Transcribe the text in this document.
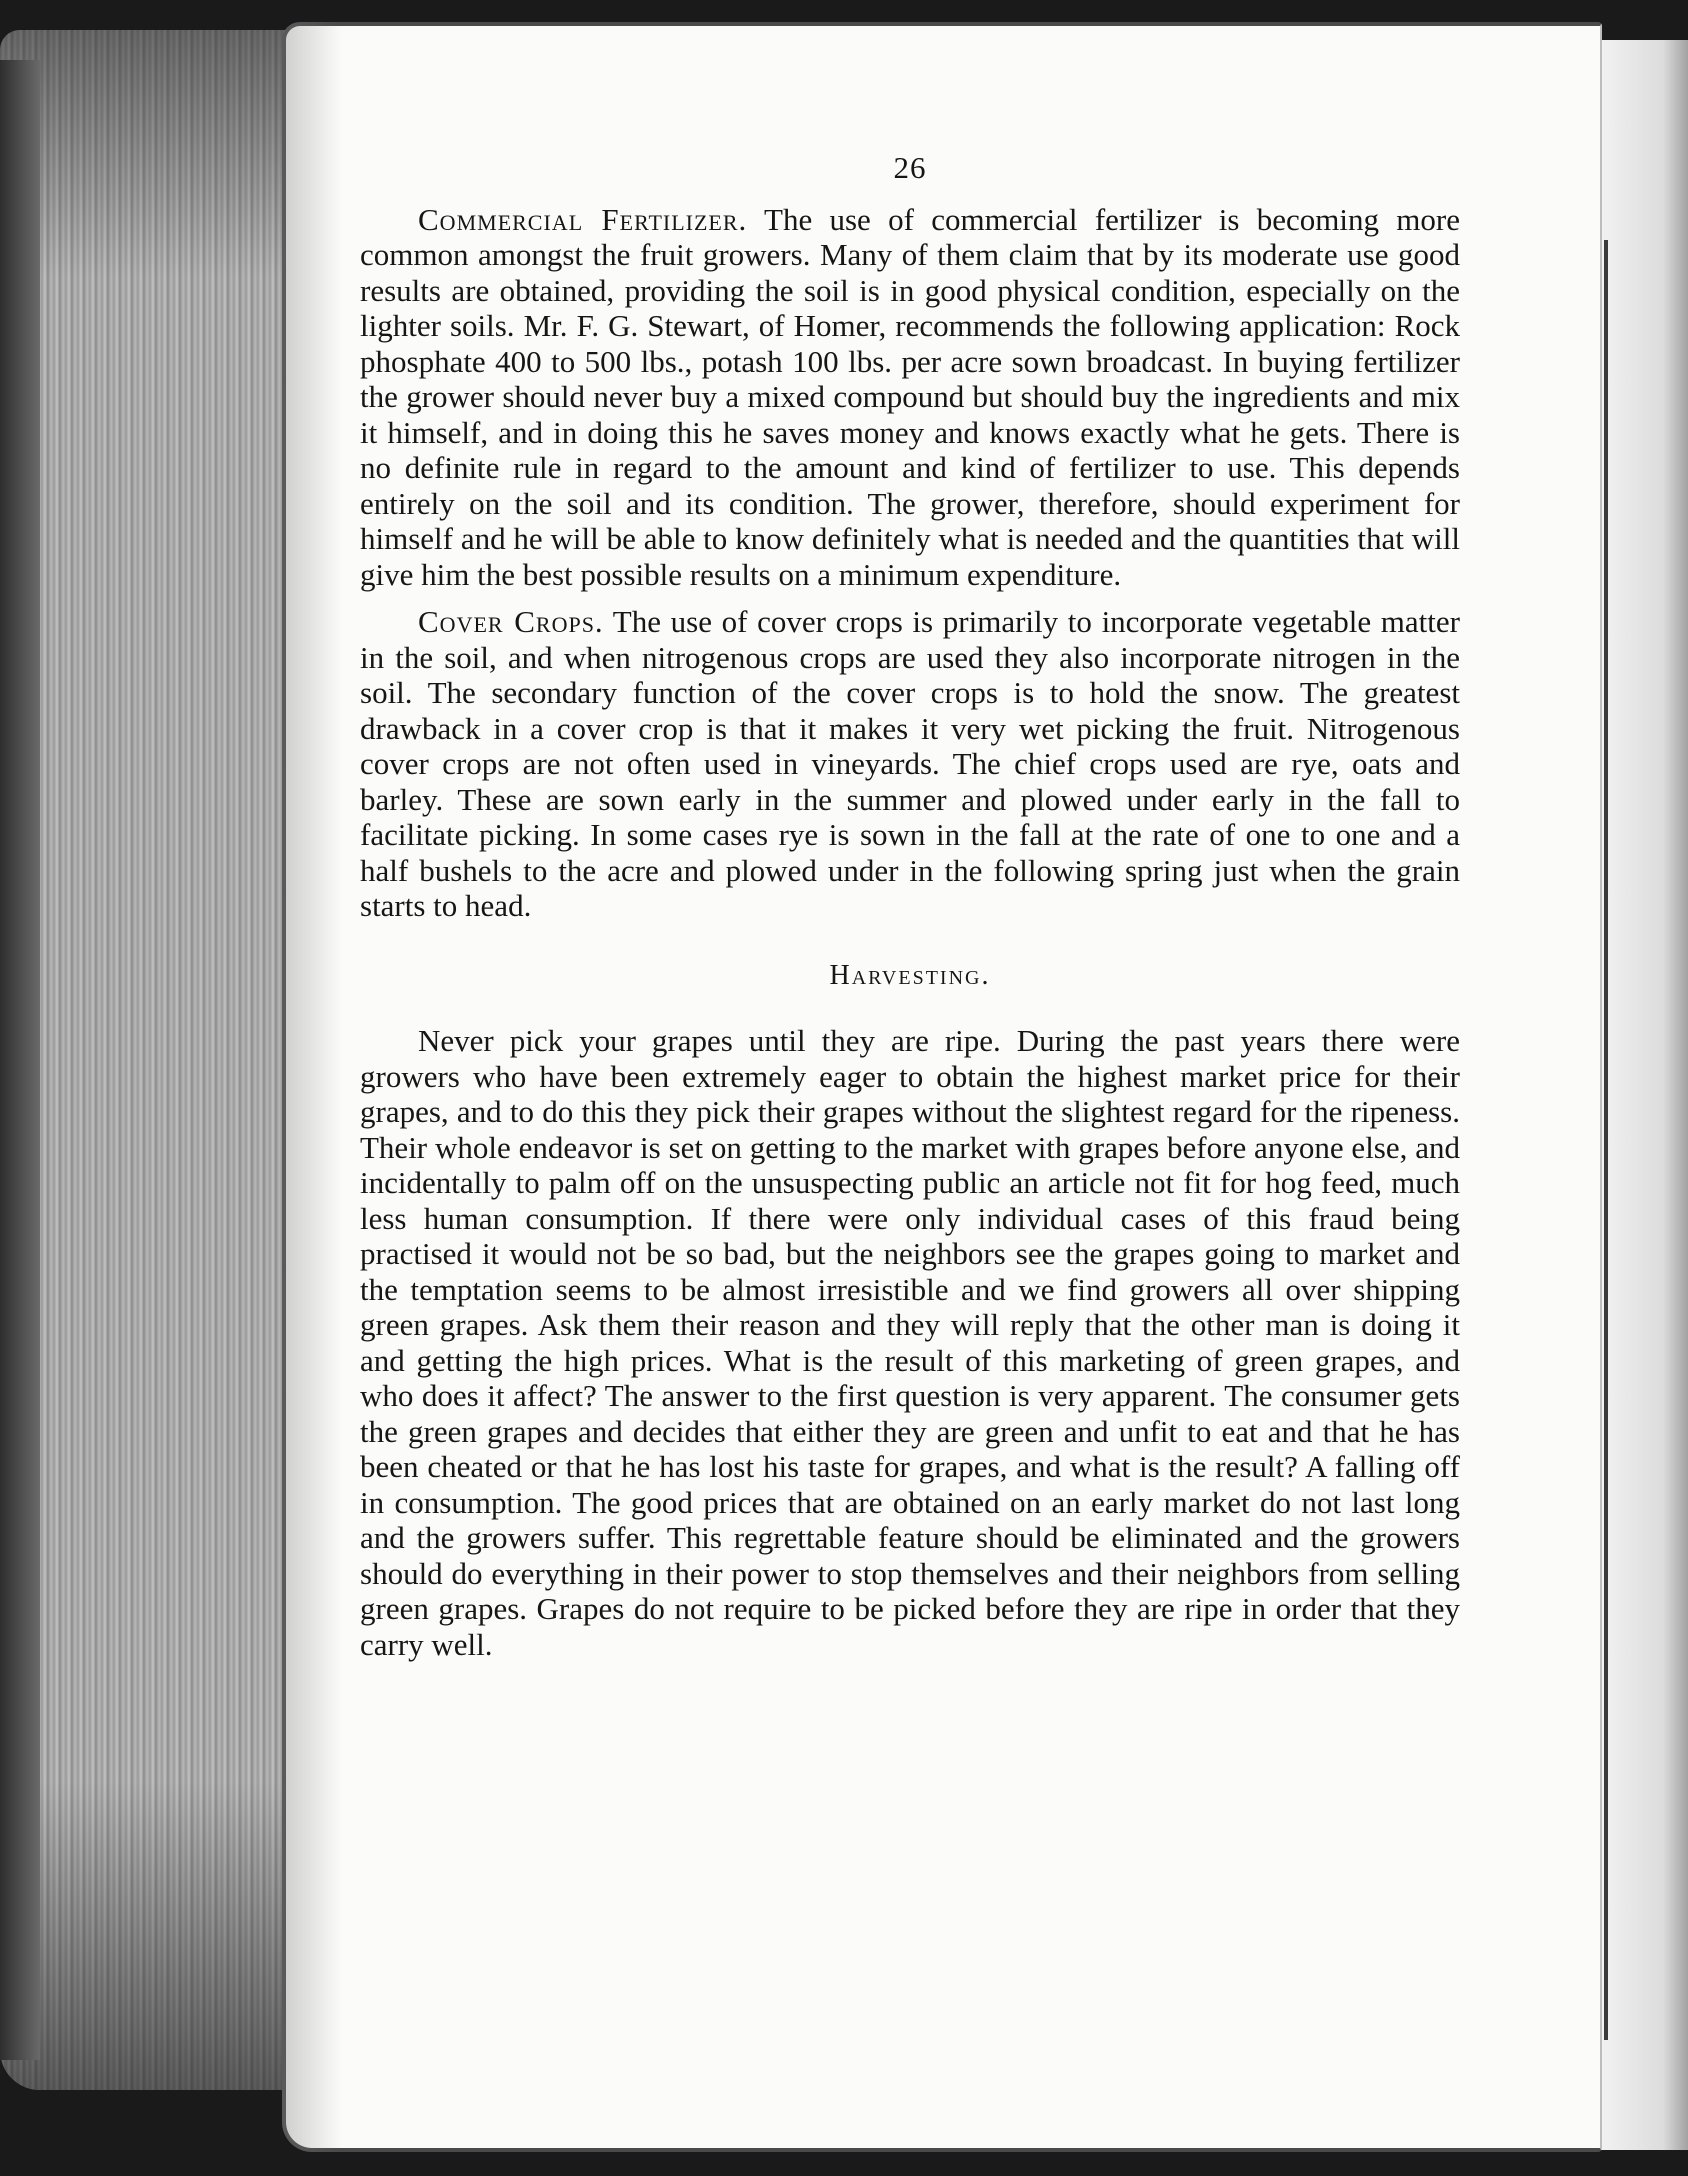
26

Commercial Fertilizer. The use of commercial fertilizer is becoming more common amongst the fruit growers. Many of them claim that by its moderate use good results are obtained, providing the soil is in good physical condition, especially on the lighter soils. Mr. F. G. Stewart, of Homer, recommends the following application: Rock phosphate 400 to 500 lbs., potash 100 lbs. per acre sown broadcast. In buying fertilizer the grower should never buy a mixed compound but should buy the ingredients and mix it himself, and in doing this he saves money and knows exactly what he gets. There is no definite rule in regard to the amount and kind of fertilizer to use. This depends entirely on the soil and its condition. The grower, therefore, should experiment for himself and he will be able to know definitely what is needed and the quantities that will give him the best possible results on a minimum expenditure.

Cover Crops. The use of cover crops is primarily to incorporate vegetable matter in the soil, and when nitrogenous crops are used they also incorporate nitrogen in the soil. The secondary function of the cover crops is to hold the snow. The greatest drawback in a cover crop is that it makes it very wet picking the fruit. Nitrogenous cover crops are not often used in vineyards. The chief crops used are rye, oats and barley. These are sown early in the summer and plowed under early in the fall to facilitate picking. In some cases rye is sown in the fall at the rate of one to one and a half bushels to the acre and plowed under in the following spring just when the grain starts to head.

Harvesting.

Never pick your grapes until they are ripe. During the past years there were growers who have been extremely eager to obtain the highest market price for their grapes, and to do this they pick their grapes without the slightest regard for the ripeness. Their whole endeavor is set on getting to the market with grapes before anyone else, and incidentally to palm off on the unsuspecting public an article not fit for hog feed, much less human consumption. If there were only individual cases of this fraud being practised it would not be so bad, but the neighbors see the grapes going to market and the temptation seems to be almost irresistible and we find growers all over shipping green grapes. Ask them their reason and they will reply that the other man is doing it and getting the high prices. What is the result of this marketing of green grapes, and who does it affect? The answer to the first question is very apparent. The consumer gets the green grapes and decides that either they are green and unfit to eat and that he has been cheated or that he has lost his taste for grapes, and what is the result? A falling off in consumption. The good prices that are obtained on an early market do not last long and the growers suffer. This regrettable feature should be eliminated and the growers should do everything in their power to stop themselves and their neighbors from selling green grapes. Grapes do not require to be picked before they are ripe in order that they carry well.
